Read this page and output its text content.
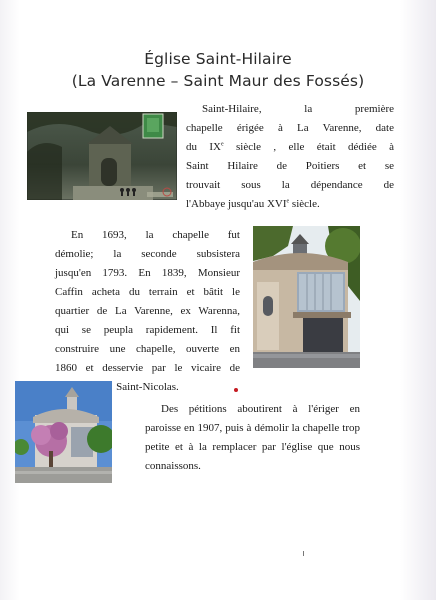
Église Saint-Hilaire
(La Varenne – Saint Maur des Fossés)
Saint-Hilaire, la première
chapelle érigée à La Varenne, date
du IXe siècle , elle était dédiée à
Saint Hilaire de Poitiers et se
trouvait sous la dépendance de
l'Abbaye jusqu'au XVIe siècle.
En 1693, la chapelle fut
démolie; la seconde subsistera
jusqu'en 1793. En 1839, Monsieur
Caffin acheta du terrain et bâtit le
quartier de La Varenne, ex Warenna,
qui se peupla rapidement. Il fit
construire une chapelle, ouverte en
1860 et desservie par le vicaire de
Saint-Nicolas.
Des pétitions aboutirent à l'ériger en
paroisse en 1907, puis à démolir la chapelle trop
petite et à la remplacer par l'église que nous
connaissons.
